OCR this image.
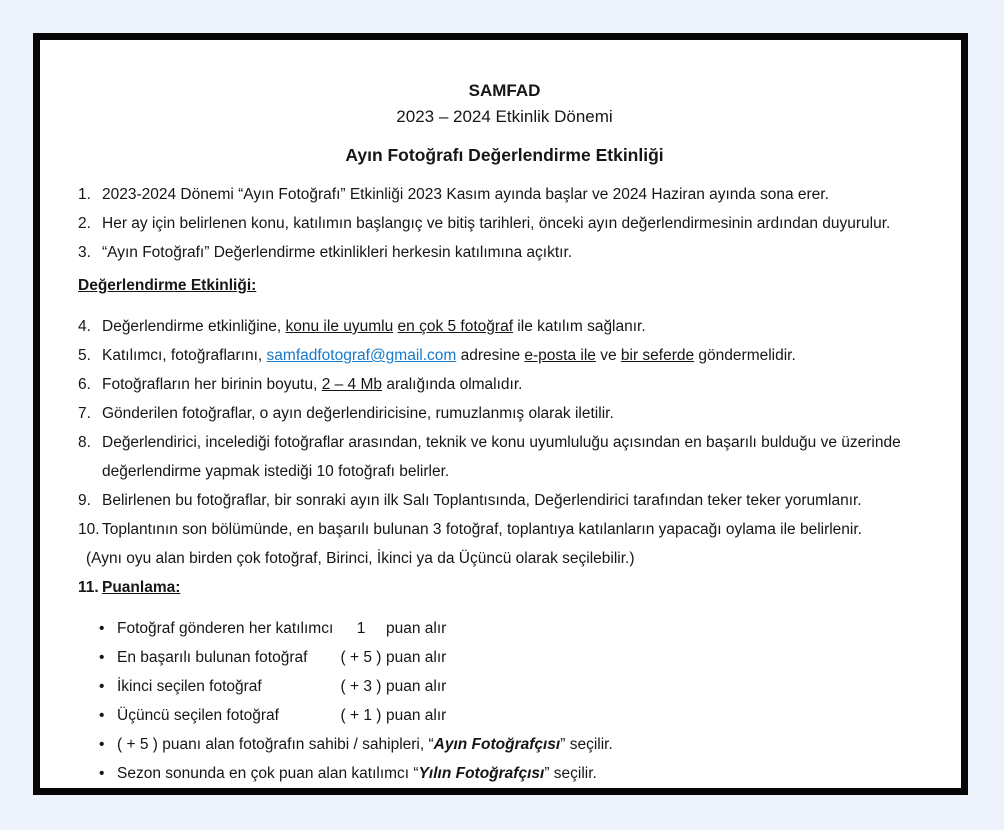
SAMFAD
2023 – 2024 Etkinlik Dönemi
Ayın Fotoğrafı Değerlendirme Etkinliği
1. 2023-2024 Dönemi “Ayın Fotoğrafı” Etkinliği 2023 Kasım ayında başlar ve 2024 Haziran ayında sona erer.
2. Her ay için belirlenen konu, katılımın başlangıç ve bitiş tarihleri, önceki ayın değerlendirmesinin ardından duyurulur.
3. “Ayın Fotoğrafı” Değerlendirme etkinlikleri herkesin katılımına açıktır.
Değerlendirme Etkinliği:
4. Değerlendirme etkinliğine, konu ile uyumlu en çok 5 fotoğraf ile katılım sağlanır.
5. Katılımcı, fotoğraflarını, samfadfotograf@gmail.com adresine e-posta ile ve bir seferde göndermelidir.
6. Fotoğrafların her birinin boyutu, 2 – 4 Mb aralığında olmalıdır.
7. Gönderilen fotoğraflar, o ayın değerlendiricisine, rumuzlanmış olarak iletilir.
8. Değerlendirici, incelediği fotoğraflar arasından, teknik ve konu uyumluluğu açısından en başarılı bulduğu ve üzerinde değerlendirme yapmak istediği 10 fotoğrafı belirler.
9. Belirlenen bu fotoğraflar, bir sonraki ayın ilk Salı Toplantısında, Değerlendirici tarafından teker teker yorumlanır.
10. Toplantının son bölümünde, en başarılı bulunan 3 fotoğraf, toplantıya katılanların yapacağı oylama ile belirlenir.
(Aynı oyu alan birden çok fotoğraf, Birinci, İkinci ya da Üçüncü olarak seçilebilir.)
11. Puanlama:
• Fotoğraf gönderen her katılımcı	1	puan alır
• En başarılı bulunan fotoğraf	( + 5 ) puan alır
• İkinci seçilen fotoğraf	( + 3 ) puan alır
• Üçüncü seçilen fotoğraf	( + 1 ) puan alır
• ( + 5 ) puanı alan fotoğrafın sahibi / sahipleri, “Ayın Fotoğrafçısı” seçilir.
• Sezon sonunda en çok puan alan katılımcı “Yılın Fotoğrafçısı” seçilir.
